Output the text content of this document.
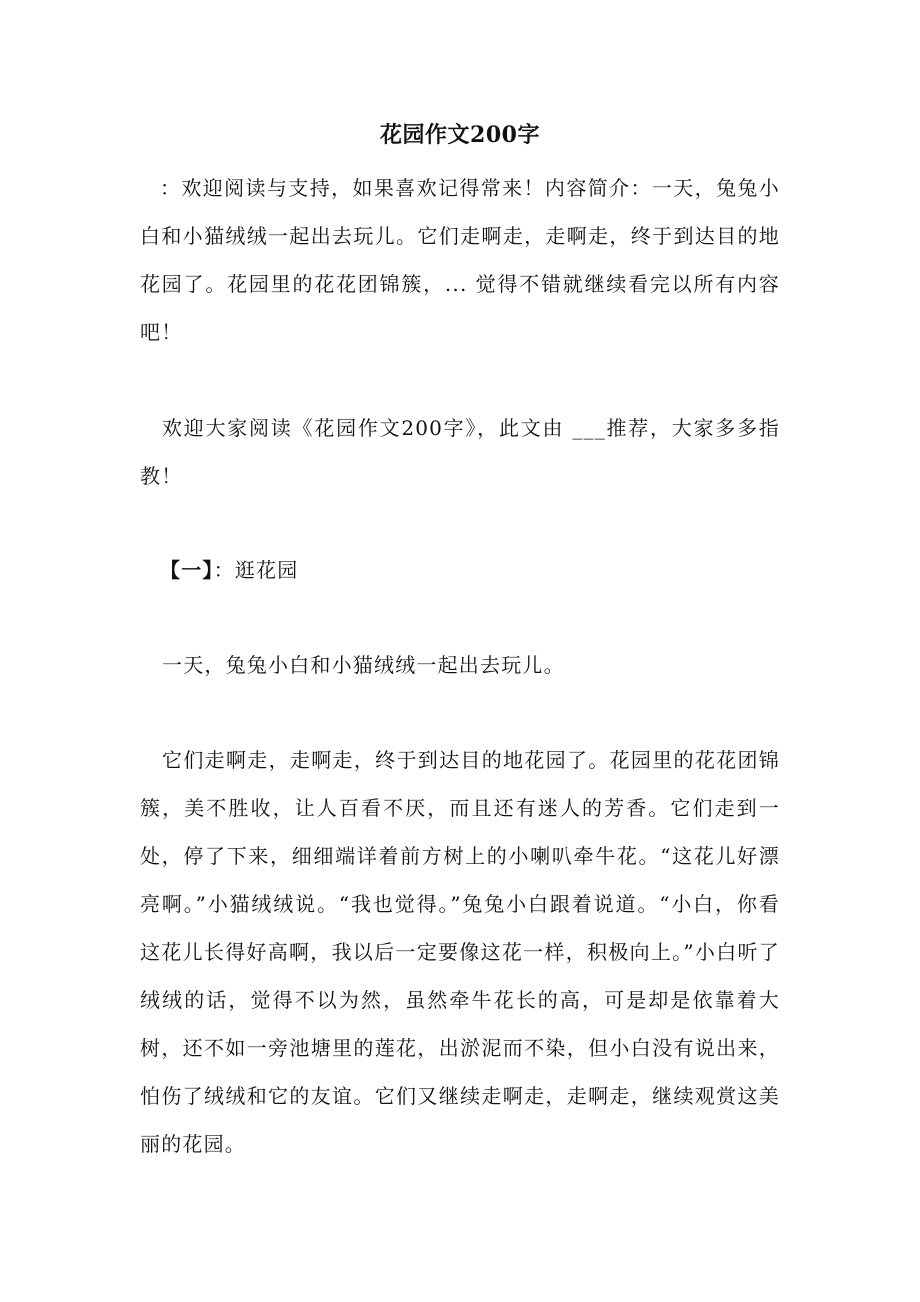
花园作文200字
：欢迎阅读与支持，如果喜欢记得常来！内容简介：一天，兔兔小白和小猫绒绒一起出去玩儿。它们走啊走，走啊走，终于到达目的地花园了。花园里的花花团锦簇，... 觉得不错就继续看完以所有内容吧！
欢迎大家阅读《花园作文200字》，此文由 ___推荐，大家多多指教！
【一】：逛花园
一天，兔兔小白和小猫绒绒一起出去玩儿。
它们走啊走，走啊走，终于到达目的地花园了。花园里的花花团锦簇，美不胜收，让人百看不厌，而且还有迷人的芳香。它们走到一处，停了下来，细细端详着前方树上的小喇叭牵牛花。“这花儿好漂亮啊。”小猫绒绒说。“我也觉得。”兔兔小白跟着说道。“小白，你看这花儿长得好高啊，我以后一定要像这花一样，积极向上。”小白听了绒绒的话，觉得不以为然，虽然牵牛花长的高，可是却是依靠着大树，还不如一旁池塘里的莲花，出淤泥而不染，但小白没有说出来，怕伤了绒绒和它的友谊。它们又继续走啊走，走啊走，继续观赏这美丽的花园。
